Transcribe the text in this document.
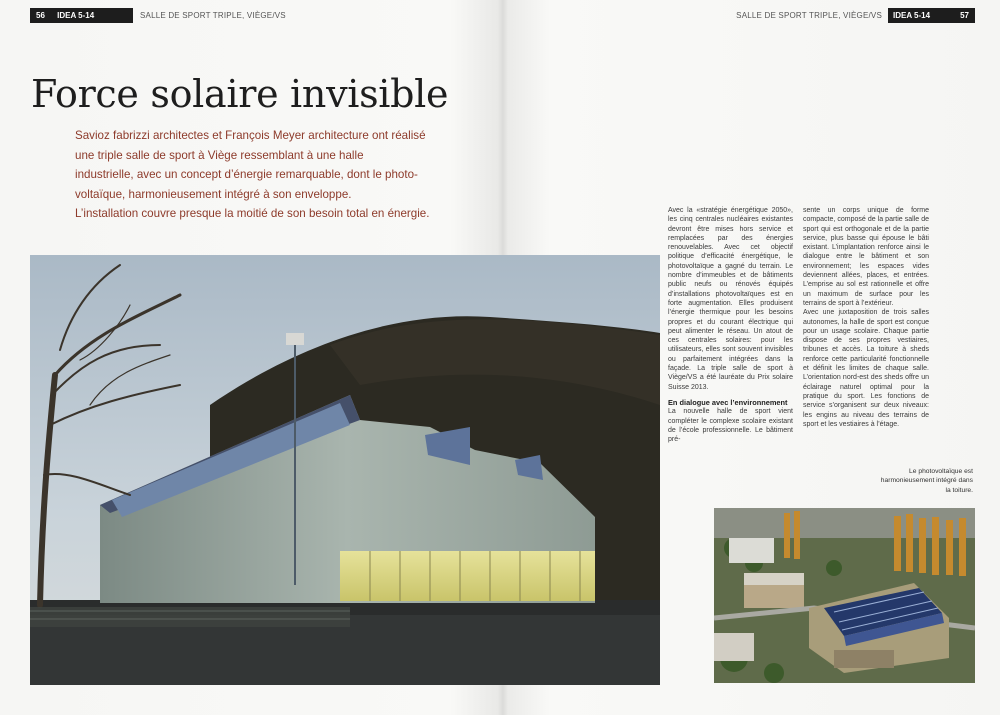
56 IDEA 5-14	SALLE DE SPORT TRIPLE, VIÈGE/VS	SALLE DE SPORT TRIPLE, VIÈGE/VS	IDEA 5-14	57
Force solaire invisible
Savioz fabrizzi architectes et François Meyer architecture ont réalisé
une triple salle de sport à Viège ressemblant à une halle
industrielle, avec un concept d’énergie remarquable, dont le photo-
voltaïque, harmonieusement intégré à son enveloppe.
L’installation couvre presque la moitié de son besoin total en énergie.	Avec la «stratégie énergétique 2050», les cinq centrales nucléaires existantes devront être mises hors service et remplacées par des énergies renouvelables. Avec cet objectif politique d’efficacité énergétique, le photovoltaïque a gagné du terrain. Le nombre d’immeubles et de bâtiments public neufs ou rénovés équipés d’installations photovoltaïques est en forte augmentation. Elles produisent l’énergie thermique pour les besoins propres et du courant électrique qui peut alimenter le réseau. Un atout de ces centrales solaires: pour les utilisateurs, elles sont souvent invisibles ou parfaitement intégrées dans la façade. La triple salle de sport à Viège/VS a été lauréate du Prix solaire Suisse 2013.

En dialogue avec l’environnement

La nouvelle halle de sport vient compléter le complexe scolaire existant de l’école professionnelle. Le bâtiment pré-

sente un corps unique de forme compacte, composé de la partie salle de sport qui est orthogonale et de la partie service, plus basse qui épouse le bâti existant. L’implantation renforce ainsi le dialogue entre le bâtiment et son environnement; les espaces vides deviennent allées, places, et entrées. L’emprise au sol est rationnelle et offre un maximum de surface pour les terrains de sport à l’extérieur.

Avec une juxtaposition de trois salles autonomes, la halle de sport est conçue pour un usage scolaire. Chaque partie dispose de ses propres vestiaires, tribunes et accès. La toiture à sheds renforce cette particularité fonctionnelle et définit les limites de chaque salle. L’orientation nord-est des sheds offre un éclairage naturel optimal pour la pratique du sport. Les fonctions de service s’organisent sur deux niveaux: les engins au niveau des terrains de sport et les vestiaires à l’étage.

Le photovoltaïque est harmonieusement intégré dans la toiture.
